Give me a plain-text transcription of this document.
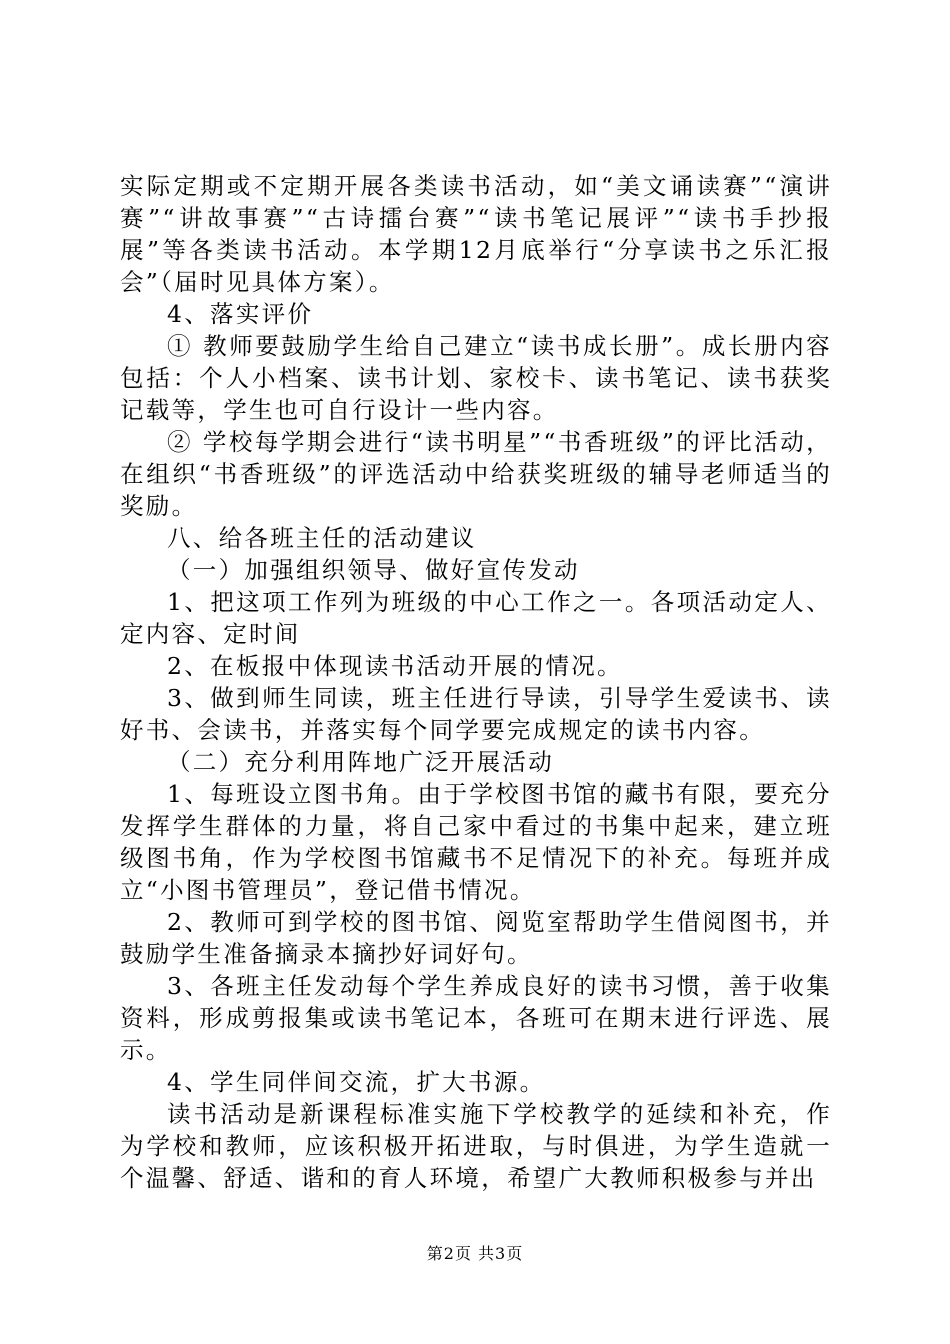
实际定期或不定期开展各类读书活动，如“美文诵读赛”“演讲赛”“讲故事赛”“古诗擂台赛”“读书笔记展评”“读书手抄报展”等各类读书活动。本学期12月底举行“分享读书之乐汇报会”（届时见具体方案）。

4、落实评价

① 教师要鼓励学生给自己建立“读书成长册”。成长册内容包括：个人小档案、读书计划、家校卡、读书笔记、读书获奖记载等，学生也可自行设计一些内容。

② 学校每学期会进行“读书明星”“书香班级”的评比活动，在组织“书香班级”的评选活动中给获奖班级的辅导老师适当的奖励。

八、给各班主任的活动建议

（一）加强组织领导、做好宣传发动

1、把这项工作列为班级的中心工作之一。各项活动定人、定内容、定时间

2、在板报中体现读书活动开展的情况。

3、做到师生同读，班主任进行导读，引导学生爱读书、读好书、会读书，并落实每个同学要完成规定的读书内容。

（二）充分利用阵地广泛开展活动

1、每班设立图书角。由于学校图书馆的藏书有限，要充分发挥学生群体的力量，将自己家中看过的书集中起来，建立班级图书角，作为学校图书馆藏书不足情况下的补充。每班并成立“小图书管理员”，登记借书情况。

2、教师可到学校的图书馆、阅览室帮助学生借阅图书，并鼓励学生准备摘录本摘抄好词好句。

3、各班主任发动每个学生养成良好的读书习惯，善于收集资料，形成剪报集或读书笔记本，各班可在期末进行评选、展示。

4、学生同伴间交流，扩大书源。

读书活动是新课程标准实施下学校教学的延续和补充，作为学校和教师，应该积极开拓进取，与时俱进，为学生造就一个温馨、舒适、谐和的育人环境，希望广大教师积极参与并出

第2页 共3页
